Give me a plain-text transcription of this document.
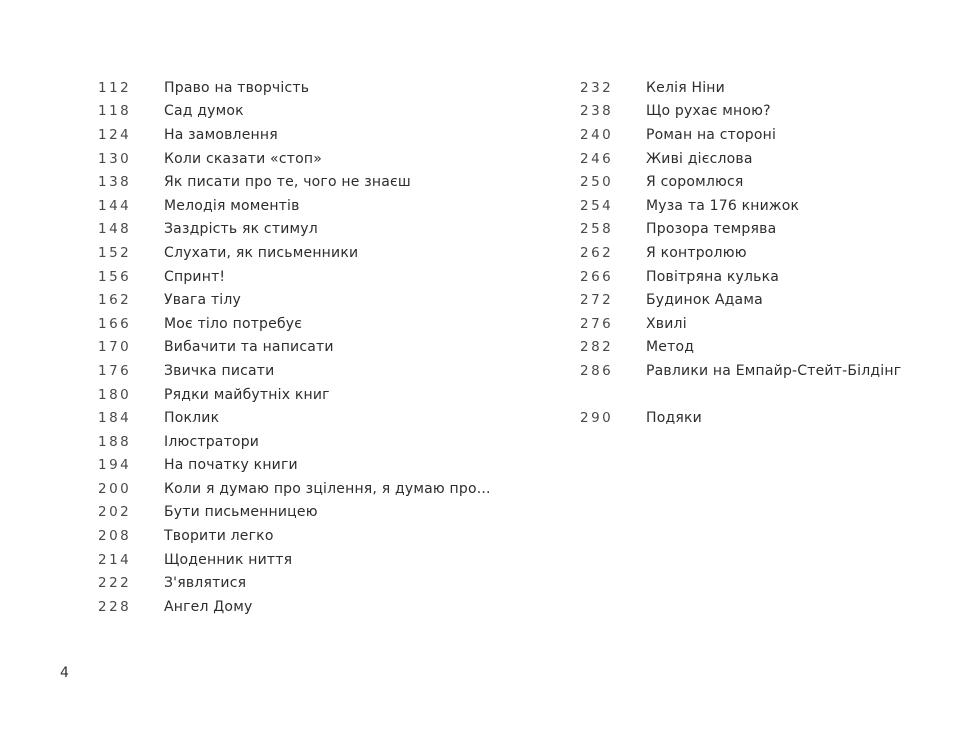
112	Право на творчість
118	Сад думок
124	На замовлення
130	Коли сказати «стоп»
138	Як писати про те, чого не знаєш
144	Мелодія моментів
148	Заздрість як стимул
152	Слухати, як письменники
156	Спринт!
162	Увага тілу
166	Моє тіло потребує
170	Вибачити та написати
176	Звичка писати
180	Рядки майбутніх книг
184	Поклик
188	Ілюстратори
194	На початку книги
200	Коли я думаю про зцілення, я думаю про...
202	Бути письменницею
208	Творити легко
214	Щоденник ниття
222	З'являтися
228	Ангел Дому
232	Келія Ніни
238	Що рухає мною?
240	Роман на стороні
246	Живі дієслова
250	Я соромлюся
254	Муза та 176 книжок
258	Прозора темрява
262	Я контролюю
266	Повітряна кулька
272	Будинок Адама
276	Хвилі
282	Метод
286	Равлики на Емпайр-Стейт-Білдінг
290	Подяки
4
